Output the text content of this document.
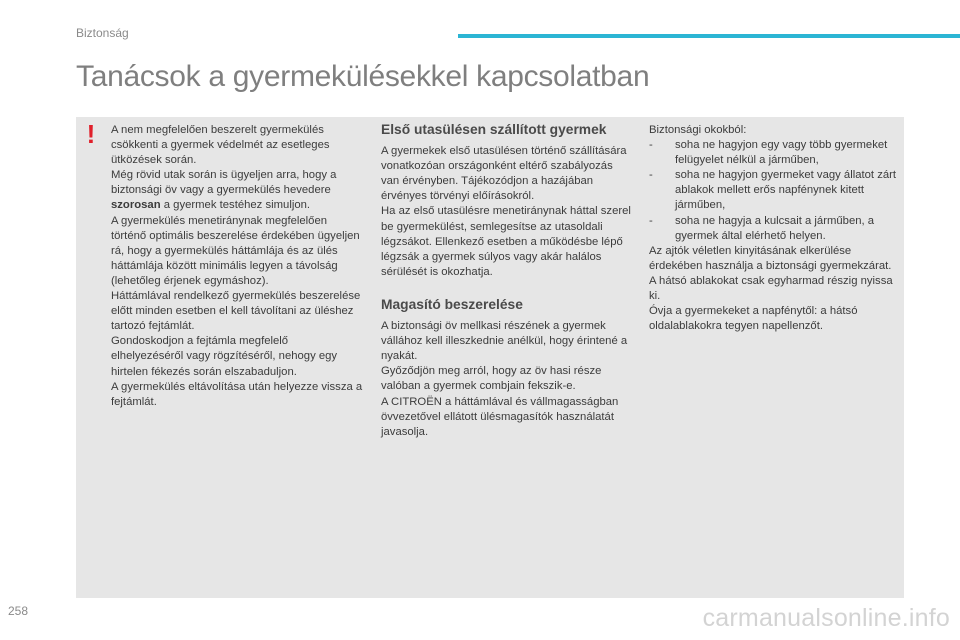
Biztonság
Tanácsok a gyermekülésekkel kapcsolatban
! A nem megfelelően beszerelt gyermekülés csökkenti a gyermek védelmét az esetleges ütközések során.

Még rövid utak során is ügyeljen arra, hogy a biztonsági öv vagy a gyermekülés hevedere szorosan a gyermek testéhez simuljon.

A gyermekülés menetiránynak megfelelően történő optimális beszerelése érdekében ügyeljen rá, hogy a gyermekülés háttámlája és az ülés háttámlája között minimális legyen a távolság (lehetőleg érjenek egymáshoz).

Háttámlával rendelkező gyermekülés beszerelése előtt minden esetben el kell távolítani az üléshez tartozó fejtámlát.

Gondoskodjon a fejtámla megfelelő elhelyezéséről vagy rögzítéséről, nehogy egy hirtelen fékezés során elszabaduljon.

A gyermekülés eltávolítása után helyezze vissza a fejtámlát.

Első utasülésen szállított gyermek

A gyermekek első utasülésen történő szállítására vonatkozóan országonként eltérő szabályozás van érvényben. Tájékozódjon a hazájában érvényes törvényi előírásokról.

Ha az első utasülésre menetiránynak háttal szerel be gyermekülést, semlegesítse az utasoldali légzsákot. Ellenkező esetben a működésbe lépő légzsák a gyermek súlyos vagy akár halálos sérülését is okozhatja.

Magasító beszerelése

A biztonsági öv mellkasi részének a gyermek vállához kell illeszkednie anélkül, hogy érintené a nyakát.

Győződjön meg arról, hogy az öv hasi része valóban a gyermek combjain fekszik-e.

A CITROËN a háttámlával és vállmagasságban övvezetővel ellátott ülésmagasítók használatát javasolja.

Biztonsági okokból:

- soha ne hagyjon egy vagy több gyermeket felügyelet nélkül a járműben,
- soha ne hagyjon gyermeket vagy állatot zárt ablakok mellett erős napfénynek kitett járműben,
- soha ne hagyja a kulcsait a járműben, a gyermek által elérhető helyen.

Az ajtók véletlen kinyitásának elkerülése érdekében használja a biztonsági gyermekzárat.

A hátsó ablakokat csak egyharmad részig nyissa ki.

Óvja a gyermekeket a napfénytől: a hátsó oldalablakokra tegyen napellenzőt.

258	carmanualsonline.info
